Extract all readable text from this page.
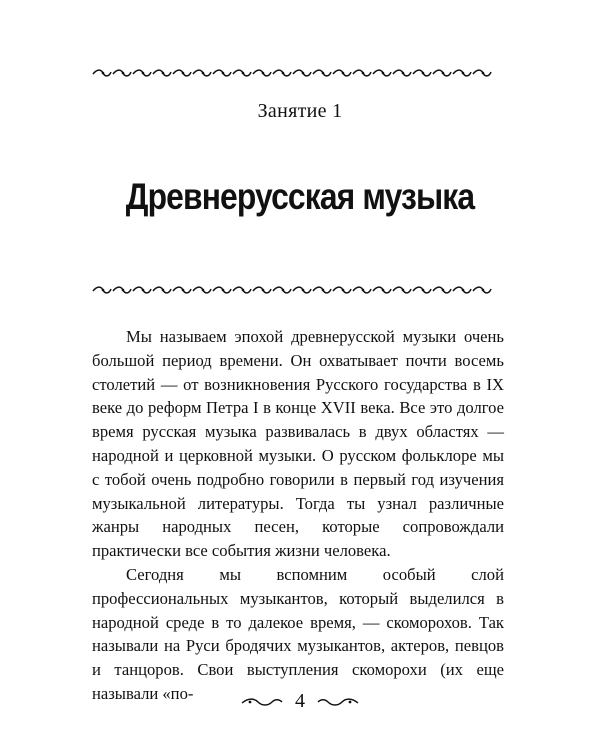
Занятие 1
Древнерусская музыка

Мы называем эпохой древнерусской музыки очень большой период времени. Он охватывает почти восемь столетий — от возникновения Русского государства в IX веке до реформ Петра I в конце XVII века. Все это долгое время русская музыка развивалась в двух областях — народной и церковной музыки. О русском фольклоре мы с тобой очень подробно говорили в первый год изучения музыкальной литературы. Тогда ты узнал различные жанры народных песен, которые сопровождали практически все события жизни человека.

Сегодня мы вспомним особый слой профессиональных музыкантов, который выделился в народной среде в то далекое время, — скоморохов. Так называли на Руси бродячих музыкантов, актеров, певцов и танцоров. Свои выступления скоморохи (их еще называли «по-	4
